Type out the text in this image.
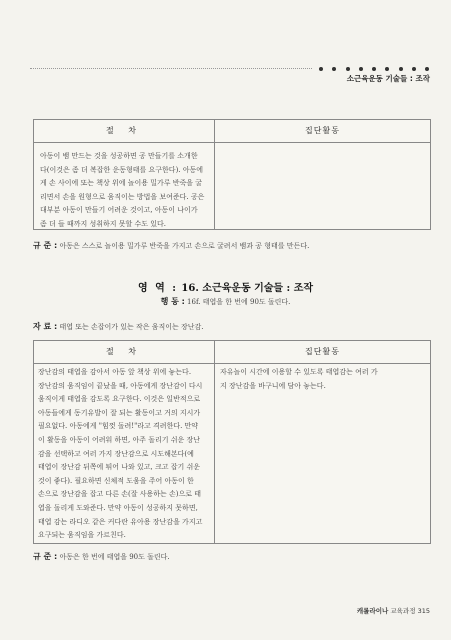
소근육운동 기술들 : 조작
절 차	집단활동
아동이 뱀 만드는 것을 성공하면 공 만들기를 소개한
다(이것은 좀 더 복잡한 운동형태를 요구한다). 아동에
게 손 사이에 또는 책상 위에 놀이용 밀가루 반죽을 굴
리면서 손을 원형으로 움직이는 방법을 보여준다. 공은
대부분 아동이 만들기 어려운 것이고, 아동이 나이가
좀 더 들 때까지 성취하지 못할 수도 있다.
규 준 : 아동은 스스로 놀이용 밀가루 반죽을 가지고 손으로 굴려서 뱀과 공 형태를 만든다.
영 역 : 16. 소근육운동 기술들 : 조작
행 동 : 16f. 태엽을 한 번에 90도 돌린다.
자 료 : 태엽 또는 손잡이가 있는 작은 움직이는 장난감.
절 차	집단활동
장난감의 태엽을 감아서 아동 앞 책상 위에 놓는다.
장난감의 움직임이 끝났을 때, 아동에게 장난감이 다시
움직이게 태엽을 감도록 요구한다. 이것은 일반적으로
아동들에게 동기유발이 잘 되는 활동이고 거의 지시가
필요없다. 아동에게 "힘껏 돌려!"라고 격려한다. 만약
이 활동을 아동이 어려워 하면, 아주 돌리기 쉬운 장난
감을 선택하고 여러 가지 장난감으로 시도해본다(예
태엽이 장난감 뒤쪽에 튀어 나와 있고, 크고 잡기 쉬운
것이 좋다). 필요하면 신체적 도움을 주어 아동이 한
손으로 장난감을 잡고 다른 손(잘 사용하는 손)으로 태
엽을 돌리게 도와준다. 만약 아동이 성공하지 못하면,
태엽 감는 라디오 같은 커다란 유아용 장난감을 가지고
요구되는 움직임을 가르친다.
자유놀이 시간에 이용할 수 있도록 태엽감는 여러 가
지 장난감을 바구니에 담아 놓는다.
규 준 : 아동은 한 번에 태엽을 90도 돌린다.
캐롤라이나 교육과정 315
